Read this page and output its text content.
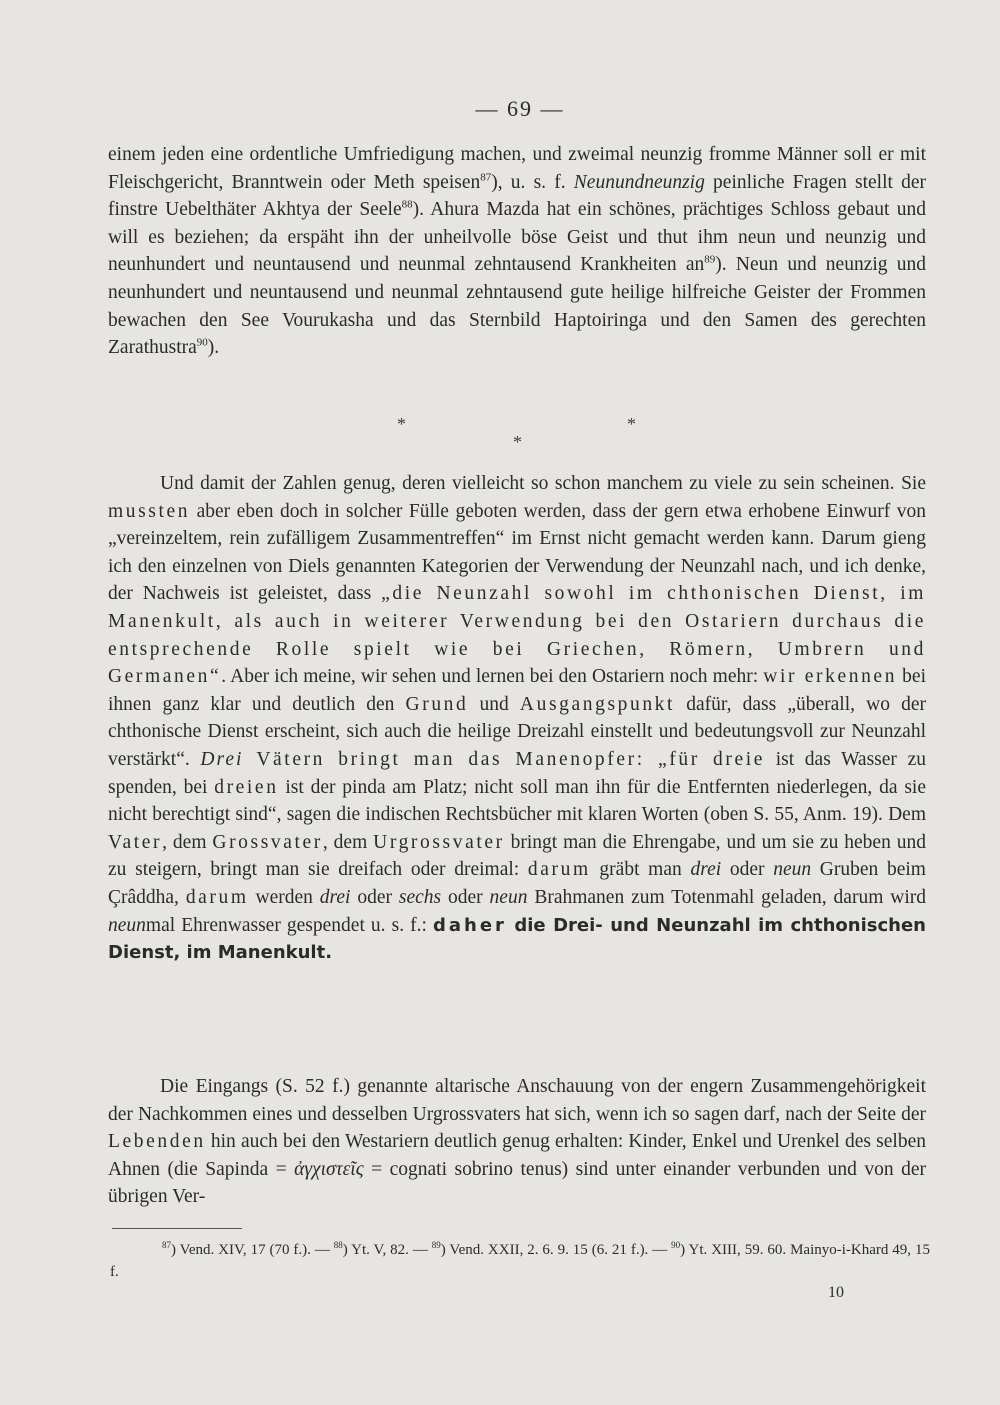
— 69 —

einem jeden eine ordentliche Umfriedigung machen, und zweimal neunzig fromme Männer soll er mit Fleischgericht, Branntwein oder Meth speisen$^{87}$), u. s. f. Neunundneunzig peinliche Fragen stellt der finstre Uebelthäter Akhtya der Seele$^{88}$). Ahura Mazda hat ein schönes, prächtiges Schloss gebaut und will es beziehen; da erspäht ihn der unheilvolle böse Geist und thut ihm neun und neunzig und neunhundert und neuntausend und neunmal zehntausend Krankheiten $an^{89}$). Neun und neunzig und neunhundert und neuntausend und neunmal zehntausend gute heilige hilfreiche Geister der Frommen bewachen den See Vourukasha und das Sternbild Haptoiringa und den Samen des gerechten Zarathustra$^{90}$).

*	*
*

Und damit der Zahlen genug, deren vielleicht so schon manchem zu viele zu sein scheinen. Sie mussten aber eben doch in solcher Fülle geboten werden, dass der gern etwa erhobene Einwurf von „vereinzeltem, rein zufälligem Zusammentreffen“ im Ernst nicht gemacht werden kann. Darum gieng ich den einzelnen von Diels genannten Kategorien der Verwendung der Neunzahl nach, und ich denke, der Nachweis ist geleistet, dass „die Neunzahl sowohl im chthonischen Dienst, im Manenkult, als auch in weiterer Verwendung bei den Ostariern durchaus die entsprechende Rolle spielt wie bei Griechen, Römern, Umbrern und Germanen“. Aber ich meine, wir sehen und lernen bei den Ostariern noch mehr: wir erkennen bei ihnen ganz klar und deutlich den Grund und Ausgangspunkt dafür, dass „überall, wo der chthonische Dienst erscheint, sich auch die heilige Dreizahl einstellt und bedeutungsvoll zur Neunzahl verstärkt“. Drei Vätern bringt man das Manenopfer: „für dreie ist das Wasser zu spenden, bei dreien ist der pinda am Platz; nicht soll man ihn für die Entfernten niederlegen, da sie nicht berechtigt sind“, sagen die indischen Rechtsbücher mit klaren Worten (oben S. 55, Anm. 19). Dem Vater, dem Grossvater, dem Urgrossvater bringt man die Ehrengabe, und um sie zu heben und zu steigern, bringt man sie dreifach oder dreimal: darum gräbt man drei oder neun Gruben beim Çrâddha, darum werden drei oder sechs oder neun Brahmanen zum Totenmahl geladen, darum wird neunmal Ehrenwasser gespendet u. s. f.: daher die Drei- und Neunzahl im chthonischen Dienst, im Manenkult.

Die Eingangs (S. 52 f.) genannte altarische Anschauung von der engern Zusammengehörigkeit der Nachkommen eines und desselben Urgrossvaters hat sich, wenn ich so sagen darf, nach der Seite der Lebenden hin auch bei den Westariern deutlich genug erhalten: Kinder, Enkel und Urenkel des selben Ahnen (die Sapinda = ἀγχιστεῖς = cognati sobrino tenus) sind unter einander verbunden und von der übrigen Ver-

$^{87}$) Vend. XIV, 17 (70 f.). — $^{88}$) Yt. V, 82. — $^{89}$) Vend. XXII, 2. 6. 9. 15 (6. 21 f.). — $^{90}$) Yt. XIII, 59. 60. Mainyo-i-Khard 49, 15 f.

10
